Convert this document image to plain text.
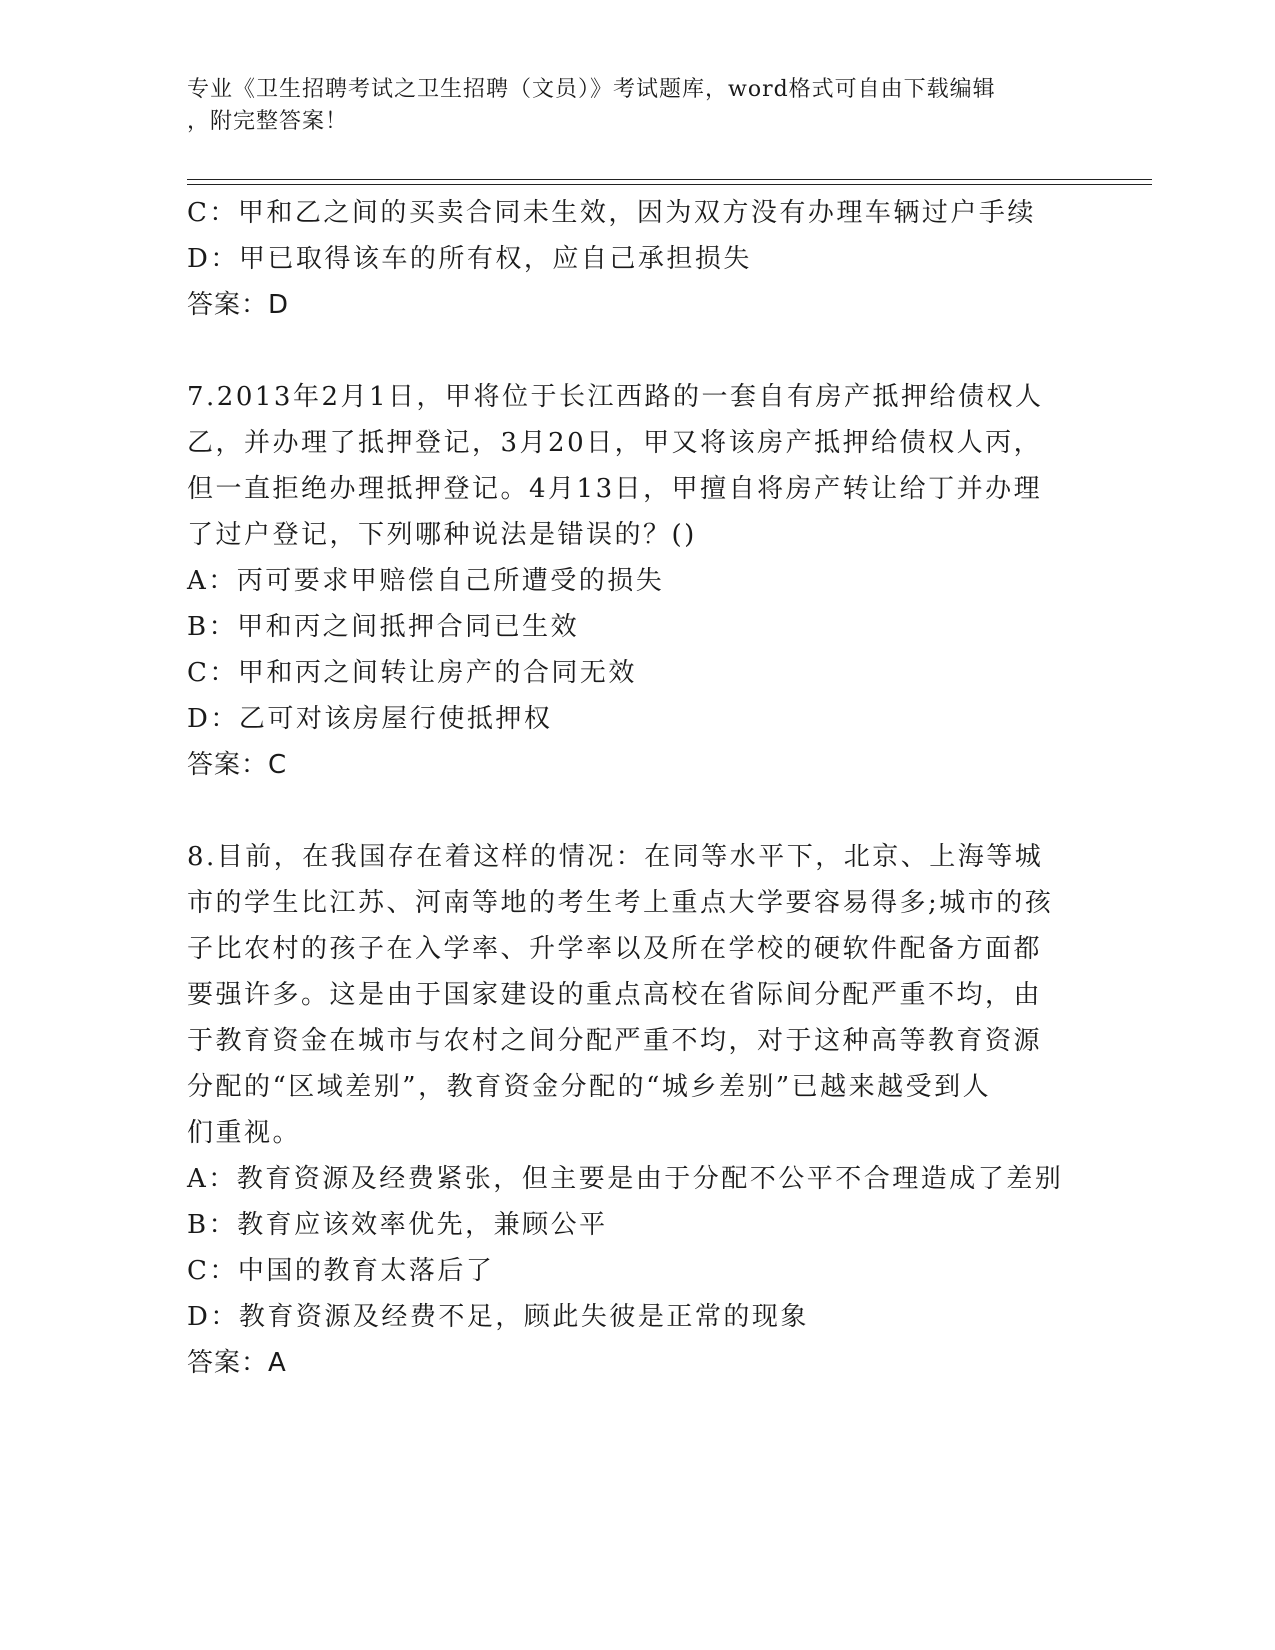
专业《卫生招聘考试之卫生招聘（文员）》考试题库，word格式可自由下载编辑

，附完整答案！

C：甲和乙之间的买卖合同未生效，因为双方没有办理车辆过户手续

D：甲已取得该车的所有权，应自己承担损失

答案：D

7.2013年2月1日，甲将位于长江西路的一套自有房产抵押给债权人

乙，并办理了抵押登记，3月20日，甲又将该房产抵押给债权人丙，

但一直拒绝办理抵押登记。4月13日，甲擅自将房产转让给丁并办理

了过户登记，下列哪种说法是错误的？()

A：丙可要求甲赔偿自己所遭受的损失

B：甲和丙之间抵押合同已生效

C：甲和丙之间转让房产的合同无效

D：乙可对该房屋行使抵押权

答案：C

8.目前，在我国存在着这样的情况：在同等水平下，北京、上海等城

市的学生比江苏、河南等地的考生考上重点大学要容易得多;城市的孩

子比农村的孩子在入学率、升学率以及所在学校的硬软件配备方面都

要强许多。这是由于国家建设的重点高校在省际间分配严重不均，由

于教育资金在城市与农村之间分配严重不均，对于这种高等教育资源

分配的“区域差别”，教育资金分配的“城乡差别”已越来越受到人

们重视。

A：教育资源及经费紧张，但主要是由于分配不公平不合理造成了差别

B：教育应该效率优先，兼顾公平

C：中国的教育太落后了

D：教育资源及经费不足，顾此失彼是正常的现象

答案：A
